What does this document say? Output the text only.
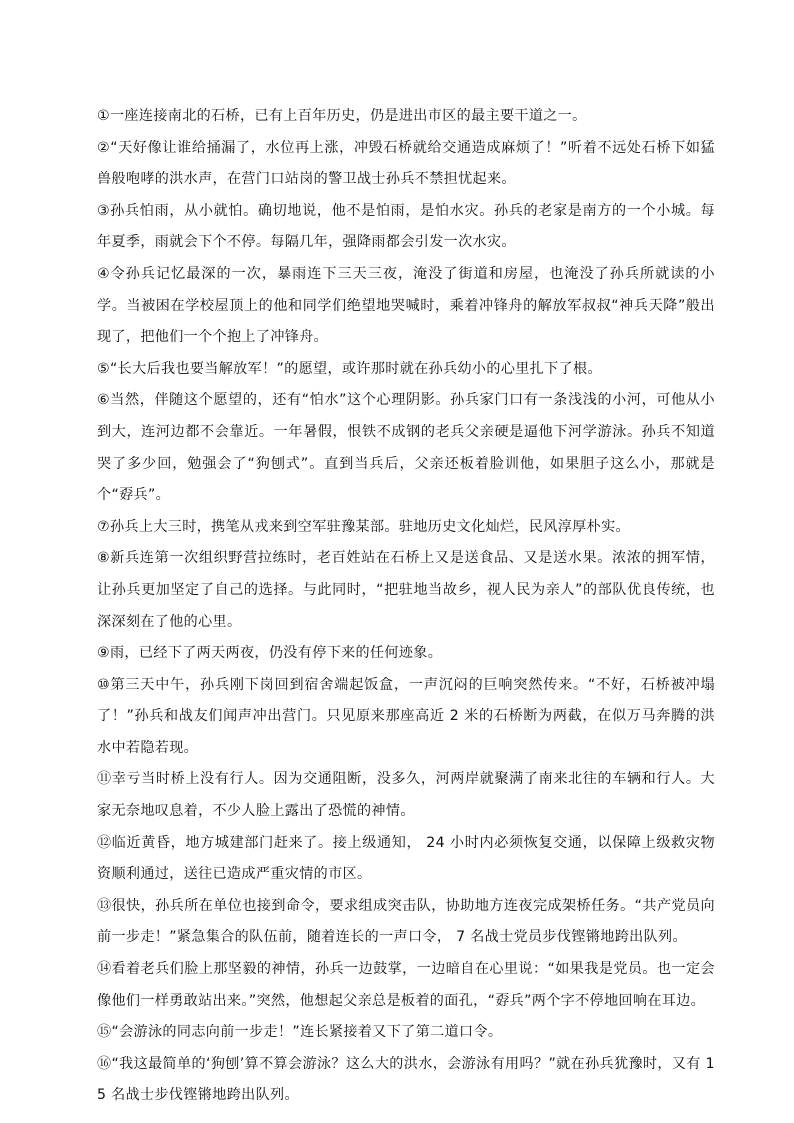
①一座连接南北的石桥，已有上百年历史，仍是进出市区的最主要干道之一。

②“天好像让谁给捅漏了，水位再上涨，冲毁石桥就给交通造成麻烦了！”听着不远处石桥下如猛兽般咆哮的洪水声，在营门口站岗的警卫战士孙兵不禁担忧起来。

③孙兵怕雨，从小就怕。确切地说，他不是怕雨，是怕水灾。孙兵的老家是南方的一个小城。每年夏季，雨就会下个不停。每隔几年，强降雨都会引发一次水灾。

④令孙兵记忆最深的一次，暴雨连下三天三夜，淹没了街道和房屋，也淹没了孙兵所就读的小学。当被困在学校屋顶上的他和同学们绝望地哭喊时，乘着冲锋舟的解放军叔叔“神兵天降”般出现了，把他们一个个抱上了冲锋舟。

⑤“长大后我也要当解放军！”的愿望，或许那时就在孙兵幼小的心里扎下了根。

⑥当然，伴随这个愿望的，还有“怕水”这个心理阴影。孙兵家门口有一条浅浅的小河，可他从小到大，连河边都不会靠近。一年暑假，恨铁不成钢的老兵父亲硬是逼他下河学游泳。孙兵不知道哭了多少回，勉强会了“狗刨式”。直到当兵后，父亲还板着脸训他，如果胆子这么小，那就是个“孬兵”。

⑦孙兵上大三时，携笔从戎来到空军驻豫某部。驻地历史文化灿烂，民风淳厚朴实。

⑧新兵连第一次组织野营拉练时，老百姓站在石桥上又是送食品、又是送水果。浓浓的拥军情，让孙兵更加坚定了自己的选择。与此同时，“把驻地当故乡，视人民为亲人”的部队优良传统，也深深刻在了他的心里。

⑨雨，已经下了两天两夜，仍没有停下来的任何迹象。

⑩第三天中午，孙兵刚下岗回到宿舍端起饭盒，一声沉闷的巨响突然传来。“不好，石桥被冲塌了！”孙兵和战友们闻声冲出营门。只见原来那座高近 2 米的石桥断为两截，在似万马奔腾的洪水中若隐若现。

⑪幸亏当时桥上没有行人。因为交通阻断，没多久，河两岸就聚满了南来北往的车辆和行人。大家无奈地叹息着，不少人脸上露出了恐慌的神情。

⑫临近黄昏，地方城建部门赶来了。接上级通知， 24 小时内必须恢复交通，以保障上级救灾物资顺利通过，送往已造成严重灾情的市区。

⑬很快，孙兵所在单位也接到命令，要求组成突击队，协助地方连夜完成架桥任务。“共产党员向前一步走！”紧急集合的队伍前，随着连长的一声口令， 7 名战士党员步伐铿锵地跨出队列。

⑭看着老兵们脸上那坚毅的神情，孙兵一边鼓掌，一边暗自在心里说：“如果我是党员。也一定会像他们一样勇敢站出来。”突然，他想起父亲总是板着的面孔，“孬兵”两个字不停地回响在耳边。

⑮“会游泳的同志向前一步走！”连长紧接着又下了第二道口令。

⑯“我这最简单的‘狗刨’算不算会游泳？这么大的洪水，会游泳有用吗？”就在孙兵犹豫时，又有 15 名战士步伐铿锵地跨出队列。
